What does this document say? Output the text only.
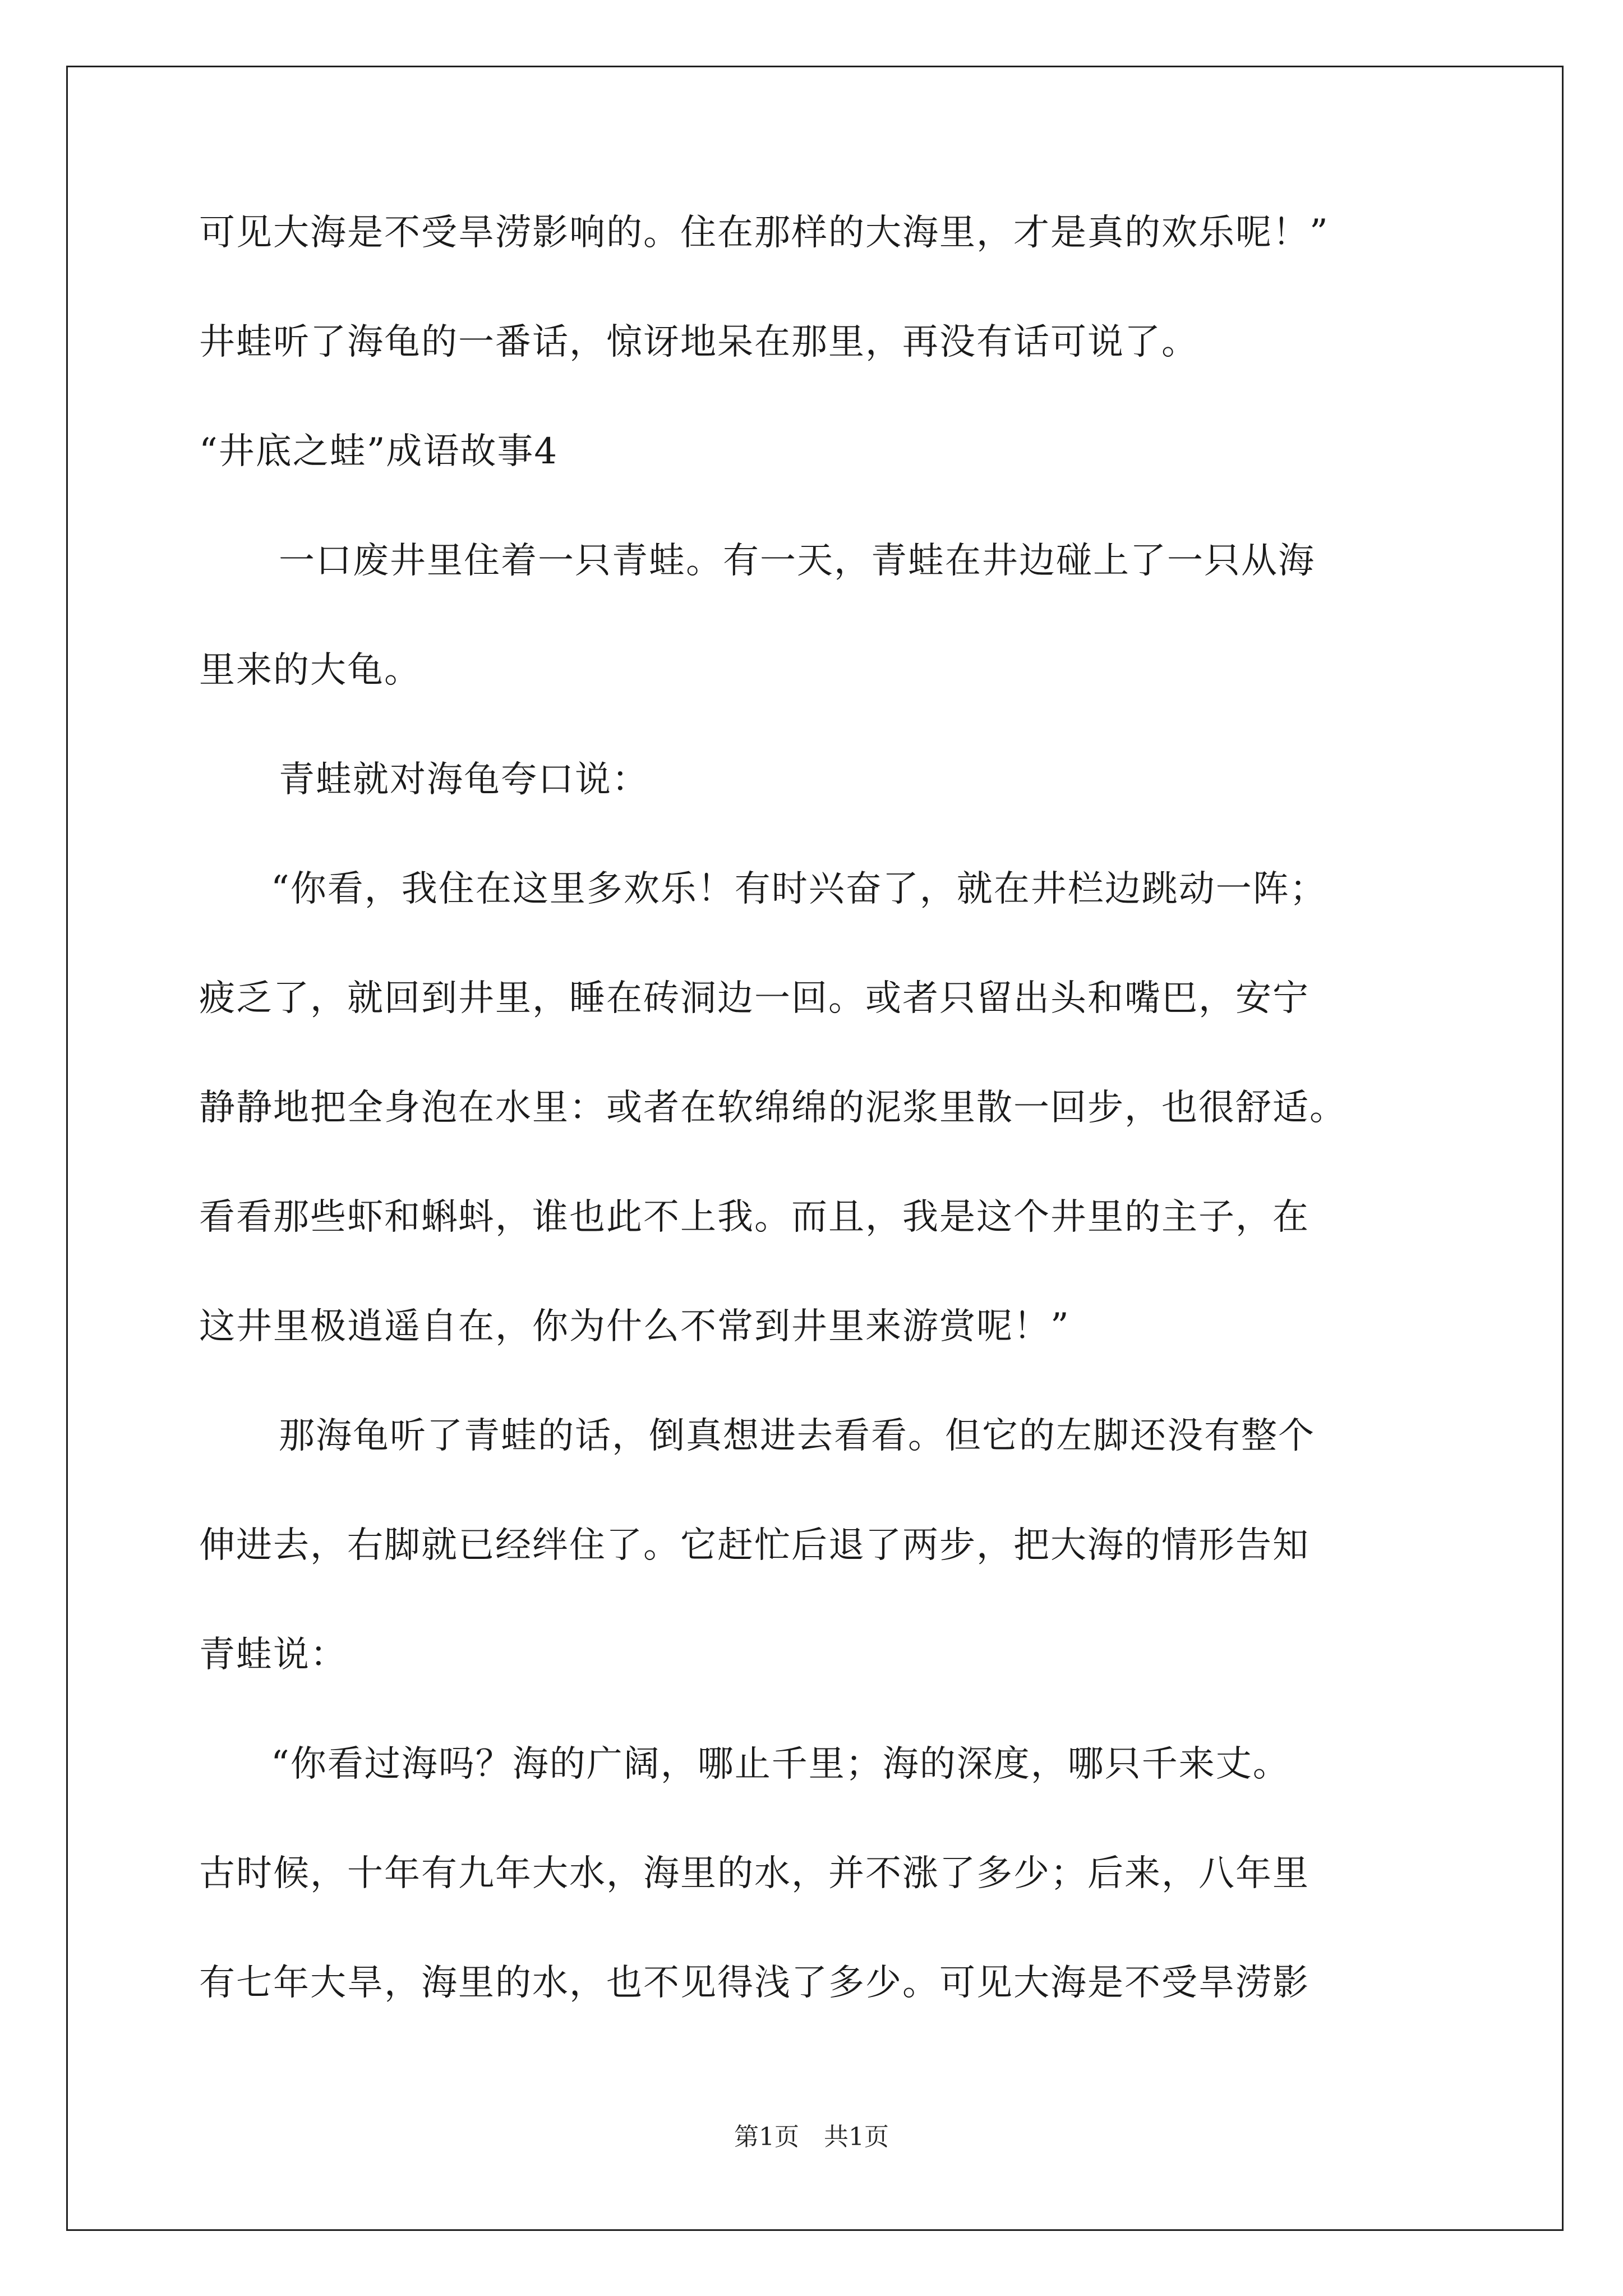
可见大海是不受旱涝影响的。住在那样的大海里，才是真的欢乐呢！”
井蛙听了海龟的一番话，惊讶地呆在那里，再没有话可说了。
“井底之蛙”成语故事4
一口废井里住着一只青蛙。有一天，青蛙在井边碰上了一只从海
里来的大龟。
青蛙就对海龟夸口说：
“你看，我住在这里多欢乐！有时兴奋了，就在井栏边跳动一阵；
疲乏了，就回到井里，睡在砖洞边一回。或者只留出头和嘴巴，安宁
静静地把全身泡在水里：或者在软绵绵的泥浆里散一回步，也很舒适。
看看那些虾和蝌蚪，谁也此不上我。而且，我是这个井里的主子，在
这井里极逍遥自在，你为什么不常到井里来游赏呢！”
那海龟听了青蛙的话，倒真想进去看看。但它的左脚还没有整个
伸进去，右脚就已经绊住了。它赶忙后退了两步，把大海的情形告知
青蛙说：
“你看过海吗？海的广阔，哪止千里；海的深度，哪只千来丈。
古时候，十年有九年大水，海里的水，并不涨了多少；后来，八年里
有七年大旱，海里的水，也不见得浅了多少。可见大海是不受旱涝影
第1页　共1页
